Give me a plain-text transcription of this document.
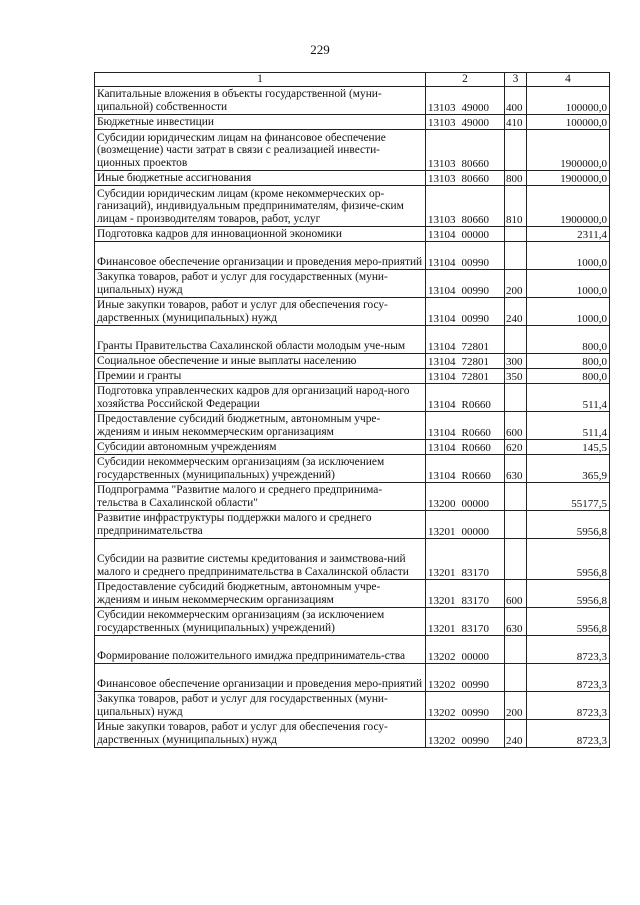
229
1	2	3	4
Капитальные вложения в объекты государственной (муни-ципальной) собственности	13103 49000	400	100000,0
Бюджетные инвестиции	13103 49000	410	100000,0
Субсидии юридическим лицам на финансовое обеспечение (возмещение) части затрат в связи с реализацией инвести-ционных проектов	13103 80660		1900000,0
Иные бюджетные ассигнования	13103 80660	800	1900000,0
Субсидии юридическим лицам (кроме некоммерческих ор-ганизаций), индивидуальным предпринимателям, физиче-ским лицам - производителям товаров, работ, услуг	13103 80660	810	1900000,0
Подготовка кадров для инновационной экономики	13104 00000		2311,4
Финансовое обеспечение организации и проведения меро-приятий	13104 00990		1000,0
Закупка товаров, работ и услуг для государственных (муни-ципальных) нужд	13104 00990	200	1000,0
Иные закупки товаров, работ и услуг для обеспечения госу-дарственных (муниципальных) нужд	13104 00990	240	1000,0
Гранты Правительства Сахалинской области молодым уче-ным	13104 72801		800,0
Социальное обеспечение и иные выплаты населению	13104 72801	300	800,0
Премии и гранты	13104 72801	350	800,0
Подготовка управленческих кадров для организаций народ-ного хозяйства Российской Федерации	13104 R0660		511,4
Предоставление субсидий бюджетным, автономным учре-ждениям и иным некоммерческим организациям	13104 R0660	600	511,4
Субсидии автономным учреждениям	13104 R0660	620	145,5
Субсидии некоммерческим организациям (за исключением государственных (муниципальных) учреждений)	13104 R0660	630	365,9
Подпрограмма "Развитие малого и среднего предпринима-тельства в Сахалинской области"	13200 00000		55177,5
Развитие инфраструктуры поддержки малого и среднего предпринимательства	13201 00000		5956,8
Субсидии на развитие системы кредитования и заимствова-ний малого и среднего предпринимательства в Сахалинской области	13201 83170		5956,8
Предоставление субсидий бюджетным, автономным учре-ждениям и иным некоммерческим организациям	13201 83170	600	5956,8
Субсидии некоммерческим организациям (за исключением государственных (муниципальных) учреждений)	13201 83170	630	5956,8
Формирование положительного имиджа предприниматель-ства	13202 00000		8723,3
Финансовое обеспечение организации и проведения меро-приятий	13202 00990		8723,3
Закупка товаров, работ и услуг для государственных (муни-ципальных) нужд	13202 00990	200	8723,3
Иные закупки товаров, работ и услуг для обеспечения госу-дарственных (муниципальных) нужд	13202 00990	240	8723,3
